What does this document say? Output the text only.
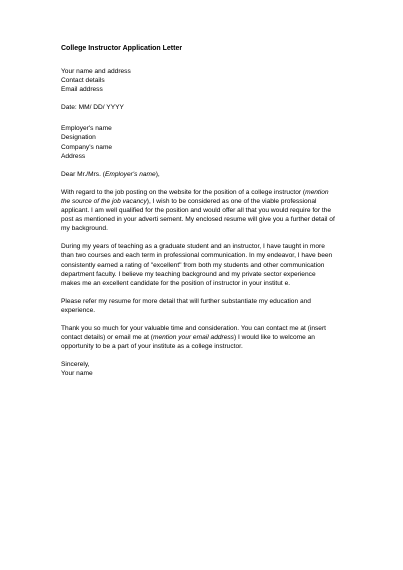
College Instructor Application Letter
Your name and address
Contact details
Email address
Date: MM/ DD/ YYYY
Employer's name
Designation
Company's name
Address
Dear Mr./Mrs. (Employer's name),
With regard to the job posting on the website for the position of a college instructor (mention
the source of the job vacancy), I wish to be considered as one of the viable professional
applicant. I am well qualified for the position and would offer all that you would require for the
post as mentioned in your adverti sement. My enclosed resume will give you a further detail of
my background.
During my years of teaching as a graduate student and an instructor, I have taught in more
than two courses and each term in professional communication. In my endeavor, I have been
consistently earned a rating of "excellent" from both my students and other communication
department faculty. I believe my teaching background and my private sector experience
makes me an excellent candidate for the position of instructor in your institut e.
Please refer my resume for more detail that will further substantiate my education and
experience.
Thank you so much for your valuable time and consideration. You can contact me at (insert
contact details) or email me at (mention your email address) I would like to welcome an
opportunity to be a part of your institute as a college instructor.
Sincerely,
Your name
